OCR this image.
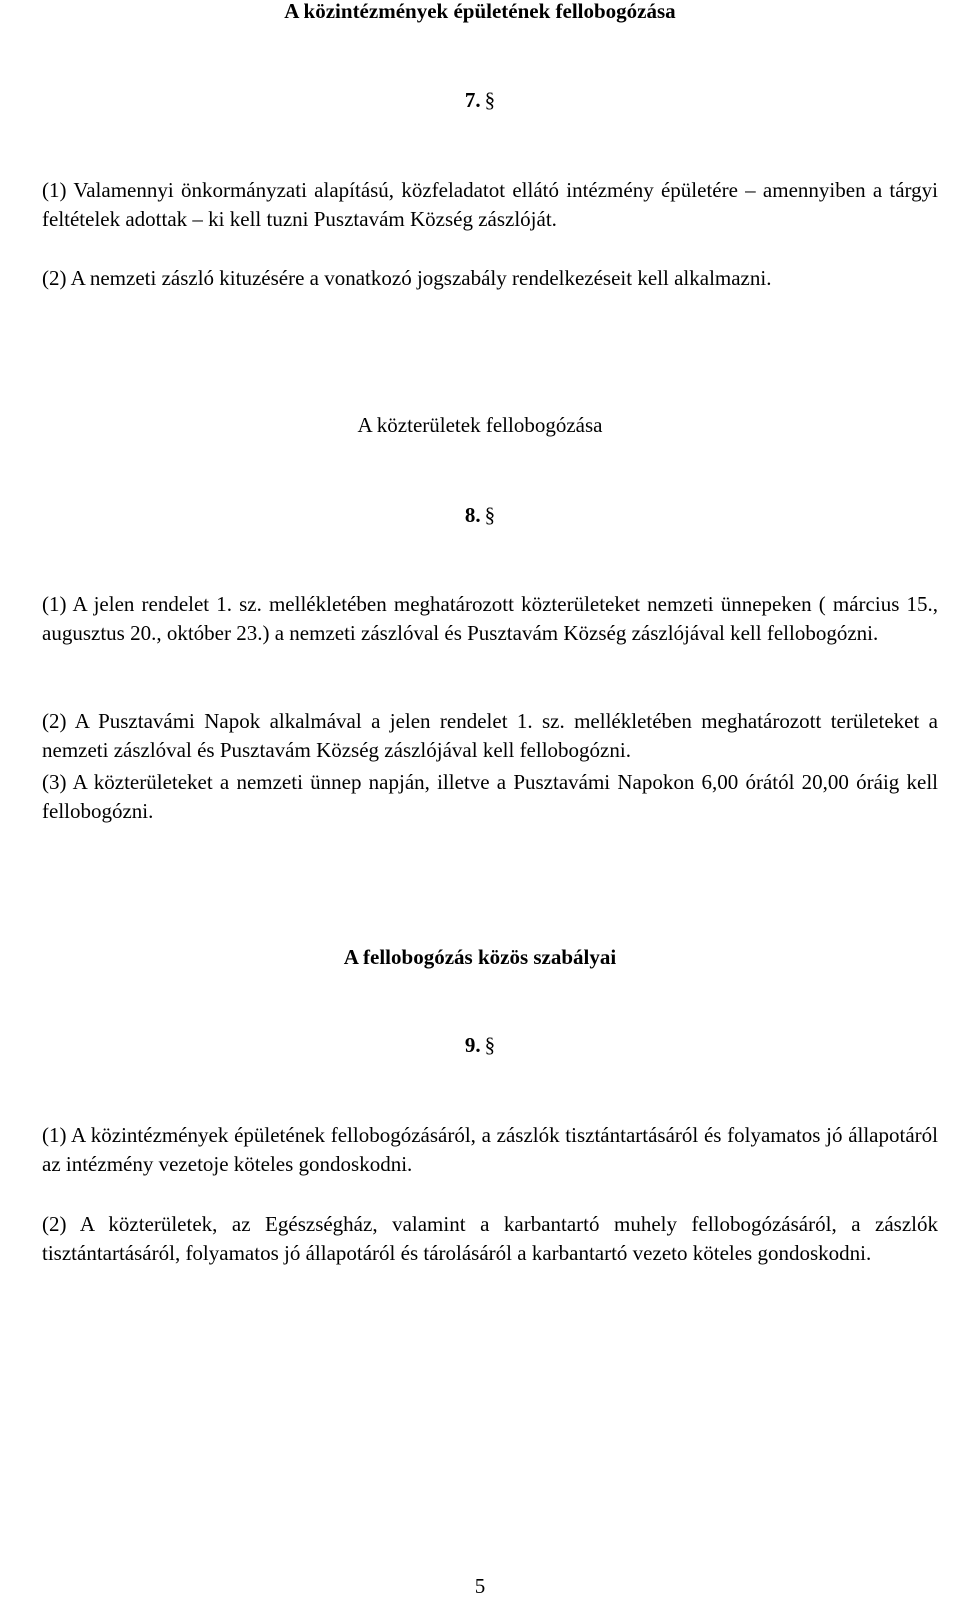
A közintézmények épületének fellobogózása
7. §

(1) Valamennyi önkormányzati alapítású, közfeladatot ellátó intézmény épületére – amennyiben a tárgyi feltételek adottak – ki kell tuzni Pusztavám Község zászlóját.

(2) A nemzeti zászló kituzésére a vonatkozó jogszabály rendelkezéseit kell alkalmazni.

A közterületek fellobogózása
8. §

(1) A jelen rendelet 1. sz. mellékletében meghatározott közterületeket nemzeti ünnepeken ( március 15., augusztus 20., október 23.) a nemzeti zászlóval és Pusztavám Község zászlójával kell fellobogózni.

(2) A Pusztavámi Napok alkalmával a jelen rendelet 1. sz. mellékletében meghatározott területeket a nemzeti zászlóval és Pusztavám Község zászlójával kell fellobogózni.

(3) A közterületeket a nemzeti ünnep napján, illetve a Pusztavámi Napokon 6,00 órától 20,00 óráig kell fellobogózni.

A fellobogózás közös szabályai
9. §

(1) A közintézmények épületének fellobogózásáról, a zászlók tisztántartásáról és folyamatos jó állapotáról az intézmény vezetoje köteles gondoskodni.

(2) A közterületek, az Egészségház, valamint a karbantartó muhely fellobogózásáról, a zászlók tisztántartásáról, folyamatos jó állapotáról és tárolásáról a karbantartó vezeto köteles gondoskodni.

5
